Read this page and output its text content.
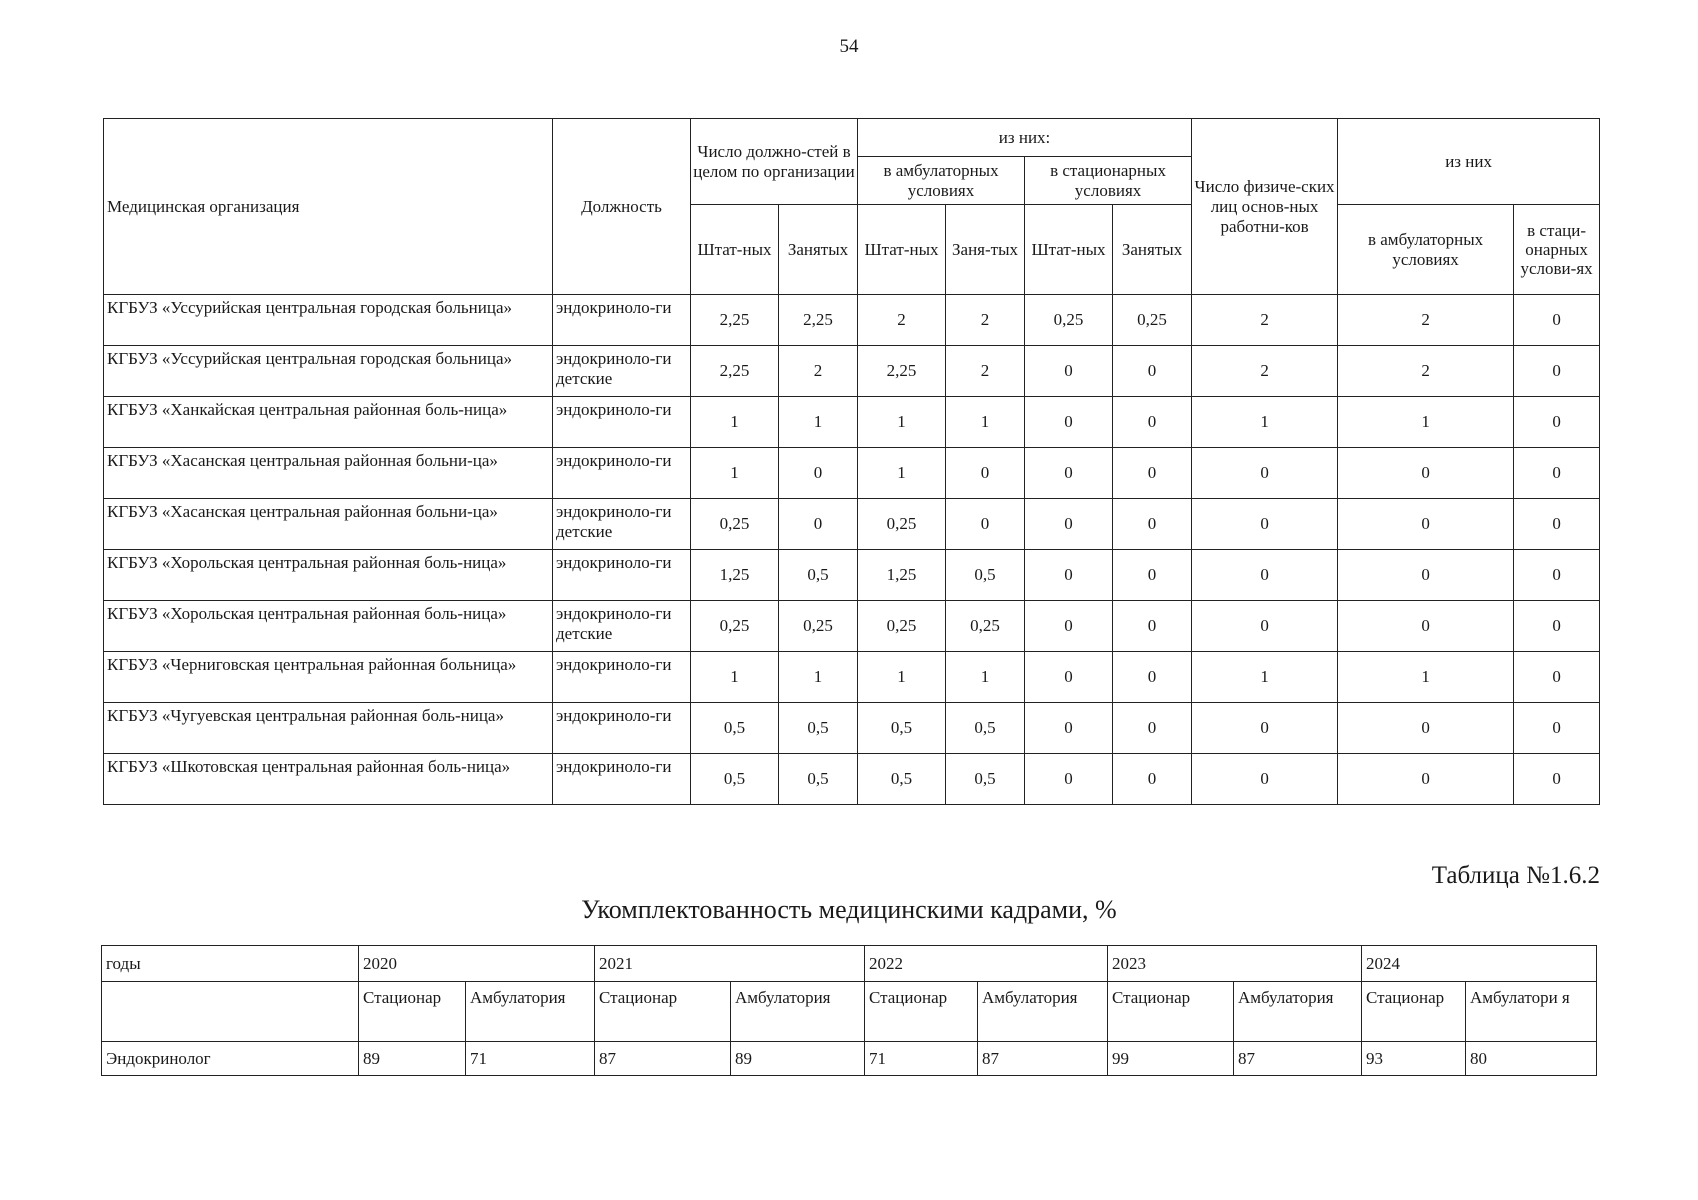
54
Медицинская организация	Должность	Число должно-стей в целом по организации		из них:				Число физиче-ских лиц основ-ных работни-ков	из них	
				в амбулаторных условиях		в стационарных условиях				
		Штат-ных	Занятых	Штат-ных	Заня-тых	Штат-ных	Занятых		в амбулаторных условиях	в стаци-онарных услови-ях

КГБУЗ «Уссурийская центральная городская больница»	эндокриноло-ги	2,25	2,25	2	2	0,25	0,25	2	2	0
КГБУЗ «Уссурийская центральная городская больница»	эндокриноло-ги детские	2,25	2	2,25	2	0	0	2	2	0
КГБУЗ «Ханкайская центральная районная боль-ница»	эндокриноло-ги	1	1	1	1	0	0	1	1	0
КГБУЗ «Хасанская центральная районная больни-ца»	эндокриноло-ги	1	0	1	0	0	0	0	0	0
КГБУЗ «Хасанская центральная районная больни-ца»	эндокриноло-ги детские	0,25	0	0,25	0	0	0	0	0	0
КГБУЗ «Хорольская центральная районная боль-ница»	эндокриноло-ги	1,25	0,5	1,25	0,5	0	0	0	0	0
КГБУЗ «Хорольская центральная районная боль-ница»	эндокриноло-ги детские	0,25	0,25	0,25	0,25	0	0	0	0	0
КГБУЗ «Черниговская центральная районная больница»	эндокриноло-ги	1	1	1	1	0	0	1	1	0
КГБУЗ «Чугуевская центральная районная боль-ница»	эндокриноло-ги	0,5	0,5	0,5	0,5	0	0	0	0	0
КГБУЗ «Шкотовская центральная районная боль-ница»	эндокриноло-ги	0,5	0,5	0,5	0,5	0	0	0	0	0
Таблица №1.6.2
Укомплектованность медицинскими кадрами, %
годы	2020		2021		2022		2023		2024	
	Стационар	Амбулатория	Стационар	Амбулатория	Стационар	Амбулатория	Стационар	Амбулатория	Стационар	Амбулатори я
Эндокринолог	89	71	87	89	71	87	99	87	93	80
